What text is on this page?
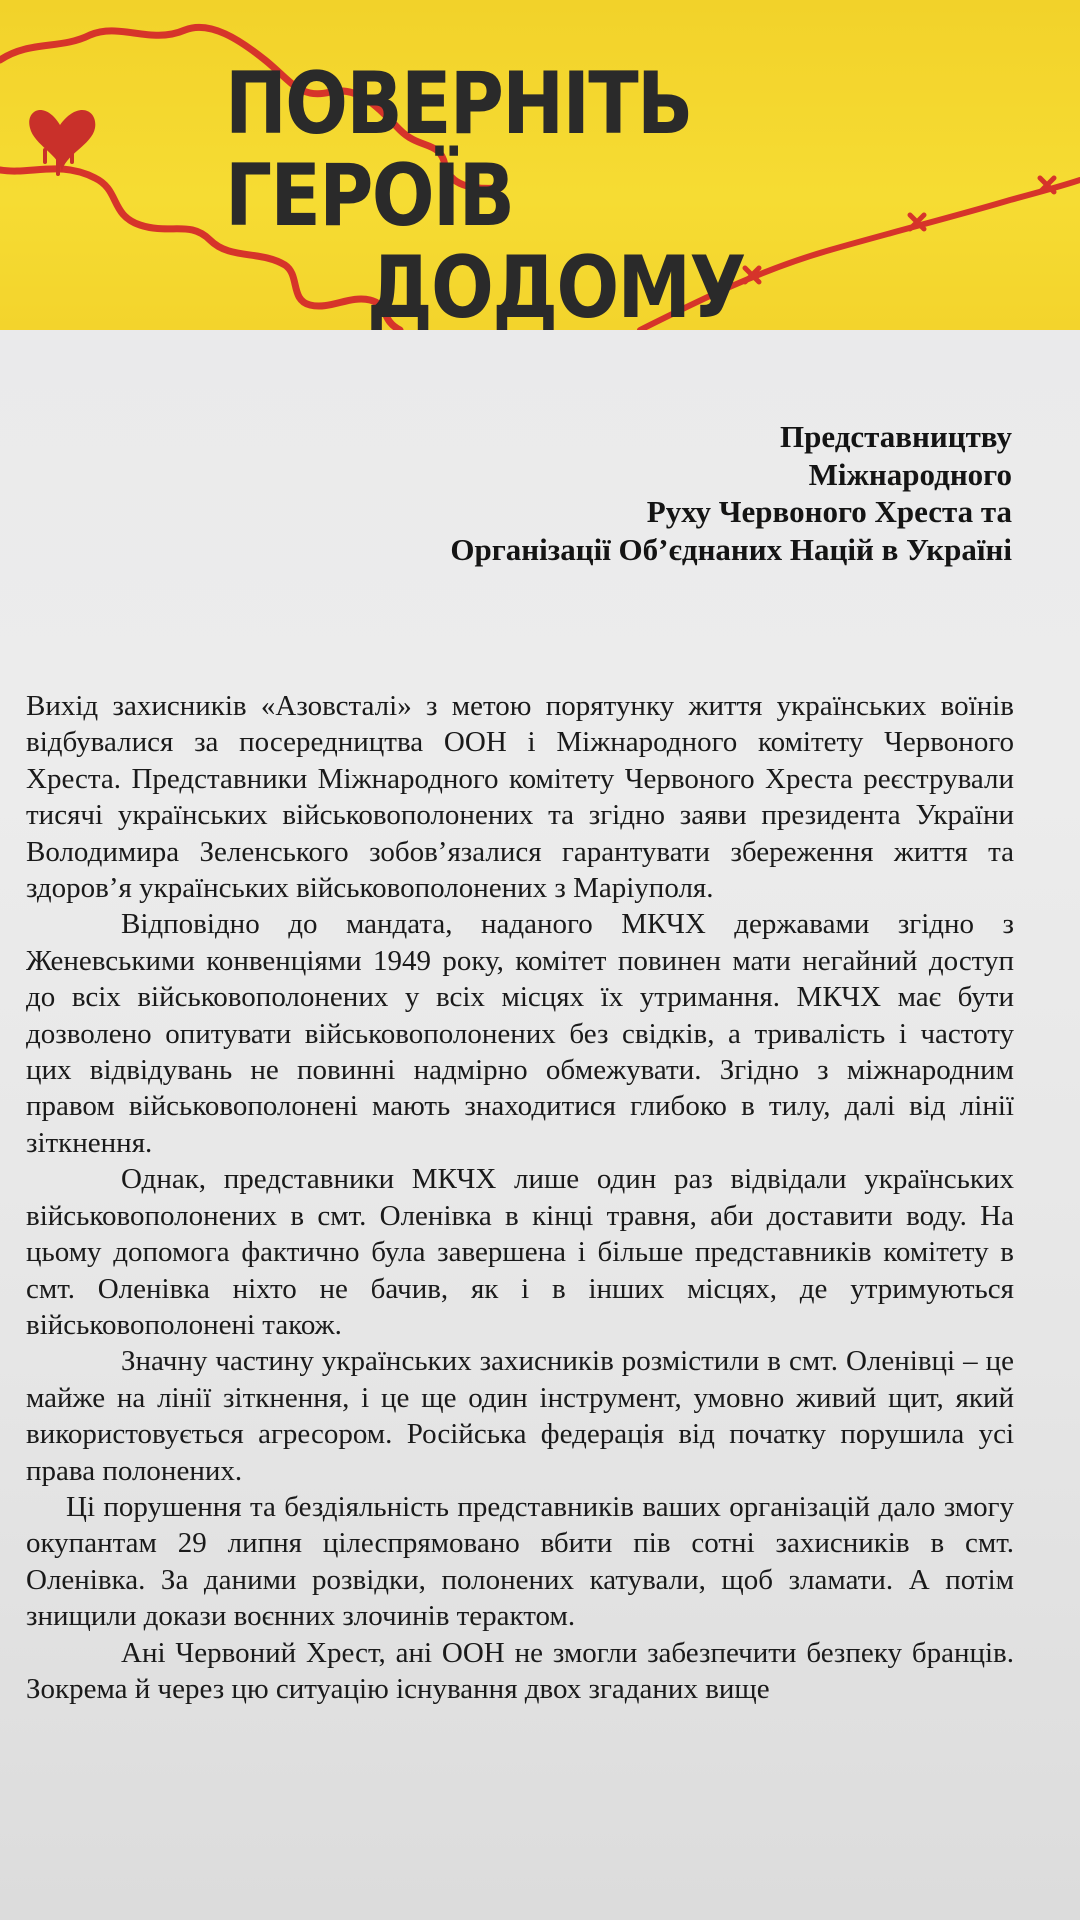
ПОВЕРНІТЬ ГЕРОЇВ
ДОДОМУ
Представництву
Міжнародного
Руху Червоного Хреста та
Організації Об’єднаних Націй в Україні

Вихід захисників «Азовсталі» з метою порятунку життя українських воїнів відбувалися за посередництва ООН і Міжнародного комітету Червоного Хреста. Представники Міжнародного комітету Червоного Хреста реєстрували тисячі українських військовополонених та згідно заяви президента України Володимира Зеленського зобов’язалися гарантувати збереження життя та здоров’я українських військовополонених з Маріуполя.

Відповідно до мандата, наданого МКЧХ державами згідно з Женевськими конвенціями 1949 року, комітет повинен мати негайний доступ до всіх військовополонених у всіх місцях їх утримання. МКЧХ має бути дозволено опитувати військовополонених без свідків, а тривалість і частоту цих відвідувань не повинні надмірно обмежувати. Згідно з міжнародним правом військовополонені мають знаходитися глибоко в тилу, далі від лінії зіткнення.

Однак, представники МКЧХ лише один раз відвідали українських військовополонених в смт. Оленівка в кінці травня, аби доставити воду. На цьому допомога фактично була завершена і більше представників комітету в смт. Оленівка ніхто не бачив, як і в інших місцях, де утримуються військовополонені також.

Значну частину українських захисників розмістили в смт. Оленівці – це майже на лінії зіткнення, і це ще один інструмент, умовно живий щит, який використовується агресором. Російська федерація від початку порушила усі права полонених.

Ці порушення та бездіяльність представників ваших організацій дало змогу окупантам 29 липня цілеспрямовано вбити пів сотні захисників в смт. Оленівка. За даними розвідки, полонених катували, щоб зламати. А потім знищили докази воєнних злочинів терактом.

Ані Червоний Хрест, ані ООН не змогли забезпечити безпеку бранців. Зокрема й через цю ситуацію існування двох згаданих вище
